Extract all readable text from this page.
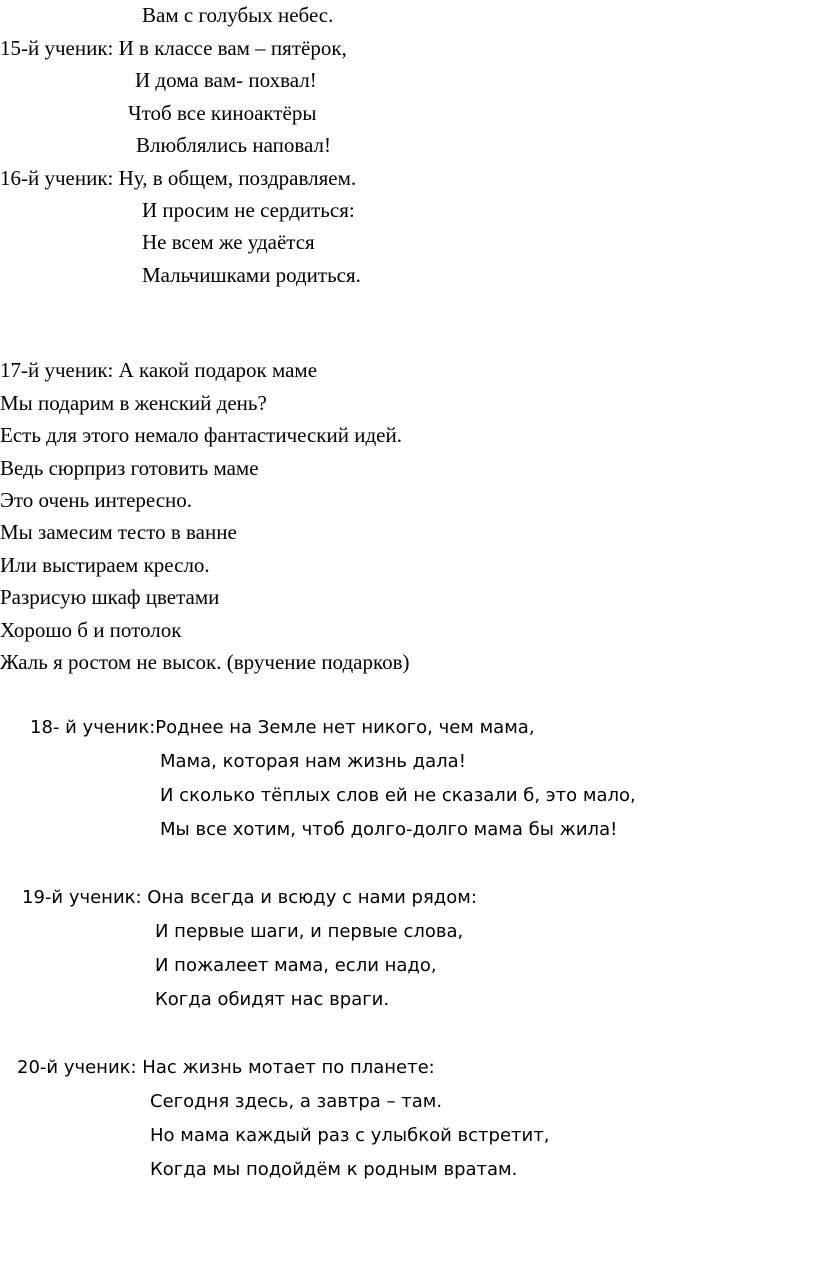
Вам с голубых небес.
15-й ученик: И в классе вам – пятёрок,
И дома вам- похвал!
Чтоб все киноактёры
Влюблялись наповал!
16-й ученик: Ну, в общем, поздравляем.
И просим не сердиться:
Не всем же удаётся
Мальчишками родиться.
17-й ученик: А какой подарок маме
Мы подарим в женский день?
Есть для этого немало фантастический идей.
Ведь сюрприз готовить маме
Это очень интересно.
Мы замесим тесто в ванне
Или выстираем кресло.
Разрисую шкаф цветами
Хорошо б и потолок
Жаль я ростом не высок. (вручение подарков)
18- й ученик:Роднее на Земле нет никого, чем мама,
Мама, которая нам жизнь дала!
И сколько тёплых слов ей не сказали б, это мало,
Мы все хотим, чтоб долго-долго мама бы жила!
19-й ученик: Она всегда и всюду с нами рядом:
И первые шаги, и первые слова,
И пожалеет мама, если надо,
Когда обидят нас враги.
20-й ученик: Нас жизнь мотает по планете:
Сегодня здесь, а завтра – там.
Но мама каждый раз с улыбкой встретит,
Когда мы подойдём к родным вратам.
